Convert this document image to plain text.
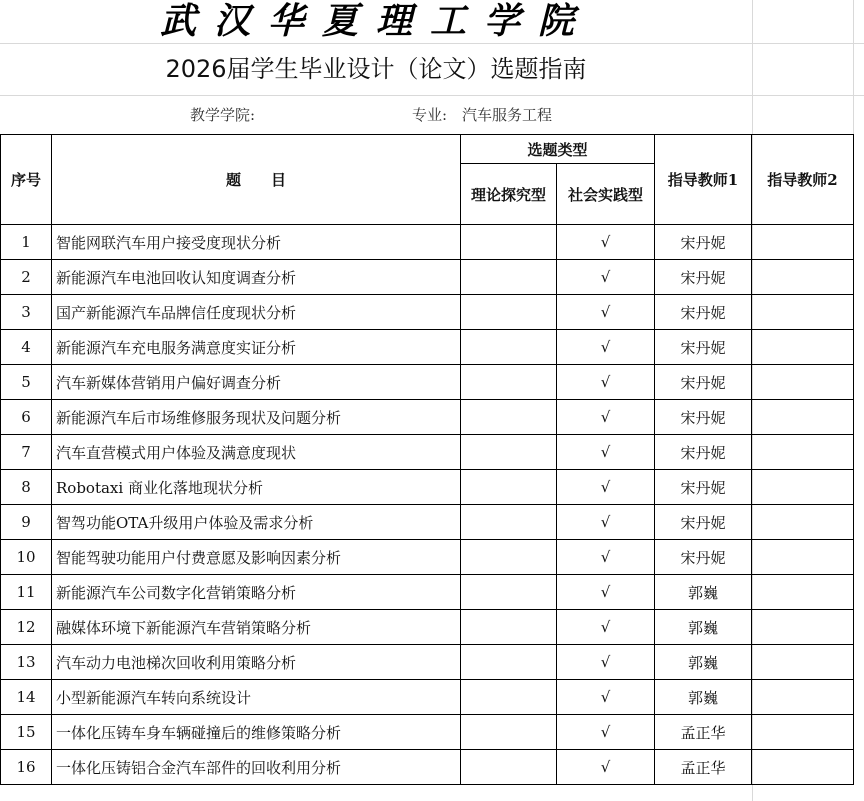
武汉华夏理工学院
2026届学生毕业设计（论文）选题指南
教学学院:	专业: 汽车服务工程
序号	题　　目	选题类型		指导教师1	指导教师2
		理论探究型	社会实践型		
1	智能网联汽车用户接受度现状分析		√	宋丹妮	
2	新能源汽车电池回收认知度调查分析		√	宋丹妮	
3	国产新能源汽车品牌信任度现状分析		√	宋丹妮	
4	新能源汽车充电服务满意度实证分析		√	宋丹妮	
5	汽车新媒体营销用户偏好调查分析		√	宋丹妮	
6	新能源汽车后市场维修服务现状及问题分析		√	宋丹妮	
7	汽车直营模式用户体验及满意度现状		√	宋丹妮	
8	Robotaxi 商业化落地现状分析		√	宋丹妮	
9	智驾功能OTA升级用户体验及需求分析		√	宋丹妮	
10	智能驾驶功能用户付费意愿及影响因素分析		√	宋丹妮	
11	新能源汽车公司数字化营销策略分析		√	郭巍	
12	融媒体环境下新能源汽车营销策略分析		√	郭巍	
13	汽车动力电池梯次回收利用策略分析		√	郭巍	
14	小型新能源汽车转向系统设计		√	郭巍	
15	一体化压铸车身车辆碰撞后的维修策略分析		√	孟正华	
16	一体化压铸铝合金汽车部件的回收利用分析		√	孟正华	
